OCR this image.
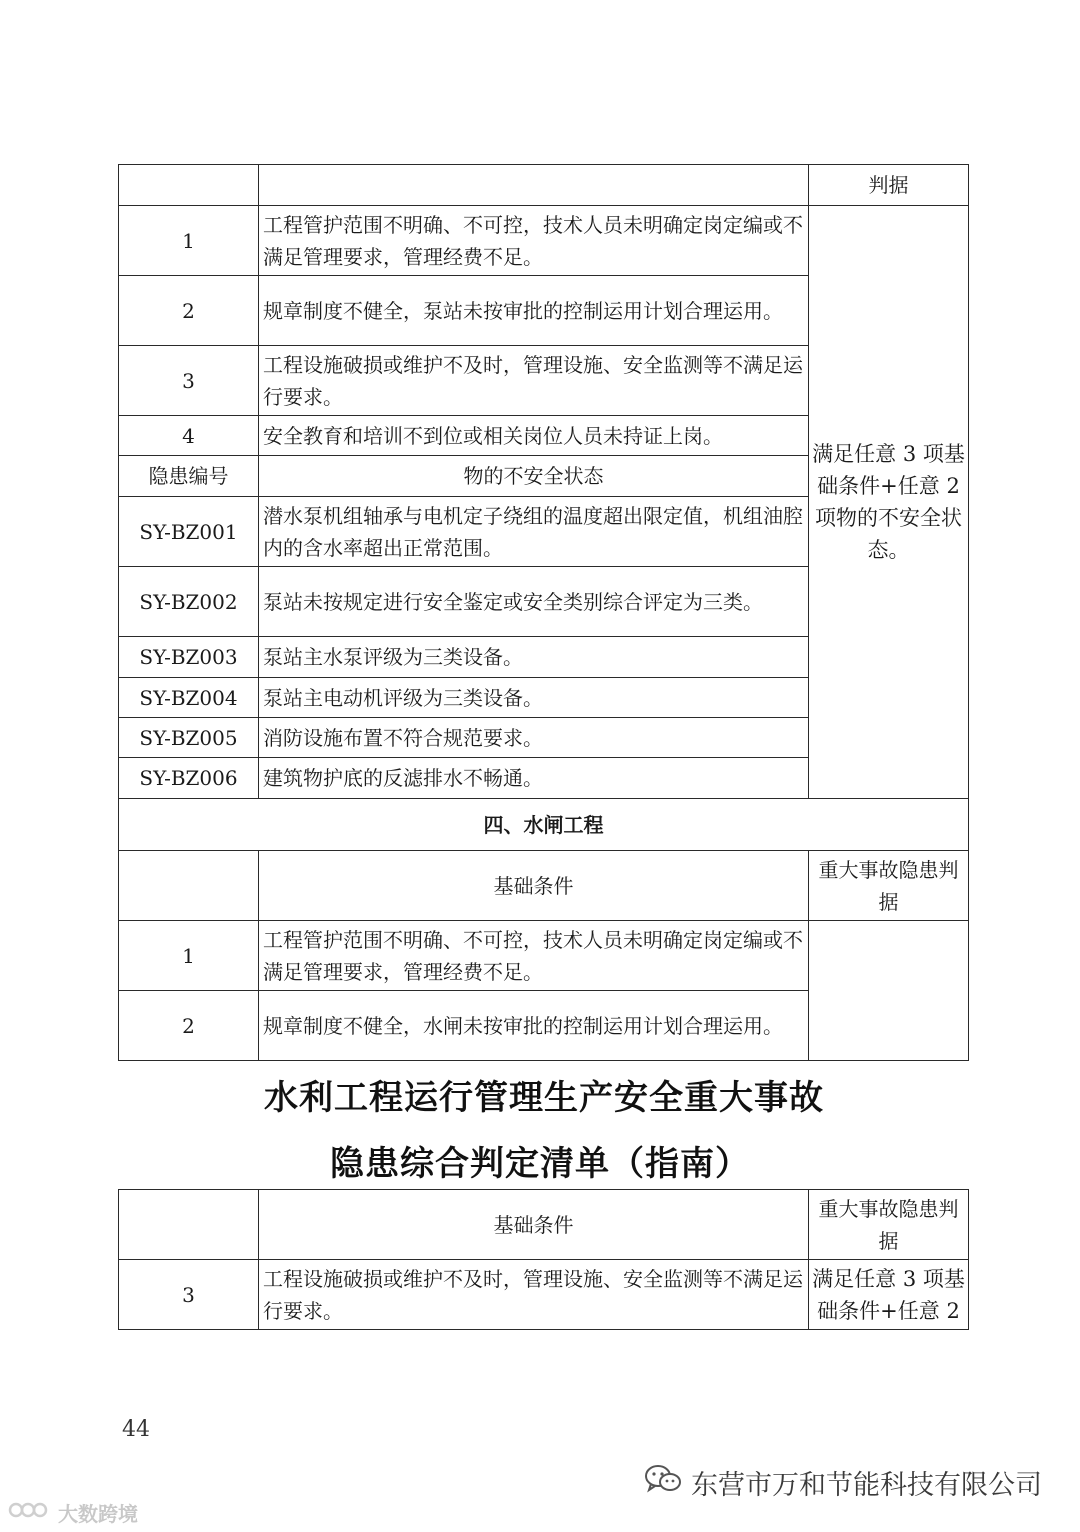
		判据
1	工程管护范围不明确、不可控，技术人员未明确定岗定编或不满足管理要求，管理经费不足。	满足任意 3 项基础条件+任意 2 项物的不安全状态。
2	规章制度不健全，泵站未按审批的控制运用计划合理运用。	
3	工程设施破损或维护不及时，管理设施、安全监测等不满足运行要求。	
4	安全教育和培训不到位或相关岗位人员未持证上岗。	
隐患编号	物的不安全状态	
SY-BZ001	潜水泵机组轴承与电机定子绕组的温度超出限定值，机组油腔内的含水率超出正常范围。	
SY-BZ002	泵站未按规定进行安全鉴定或安全类别综合评定为三类。	
SY-BZ003	泵站主水泵评级为三类设备。	
SY-BZ004	泵站主电动机评级为三类设备。	
SY-BZ005	消防设施布置不符合规范要求。	
SY-BZ006	建筑物护底的反滤排水不畅通。	
四、水闸工程		
	基础条件	重大事故隐患判据
1	工程管护范围不明确、不可控，技术人员未明确定岗定编或不满足管理要求，管理经费不足。	
2	规章制度不健全，水闸未按审批的控制运用计划合理运用。	
水利工程运行管理生产安全重大事故
隐患综合判定清单（指南）
	基础条件	重大事故隐患判据
3	工程设施破损或维护不及时，管理设施、安全监测等不满足运行要求。	满足任意 3 项基础条件+任意 2
44
东营市万和节能科技有限公司
大数跨境
